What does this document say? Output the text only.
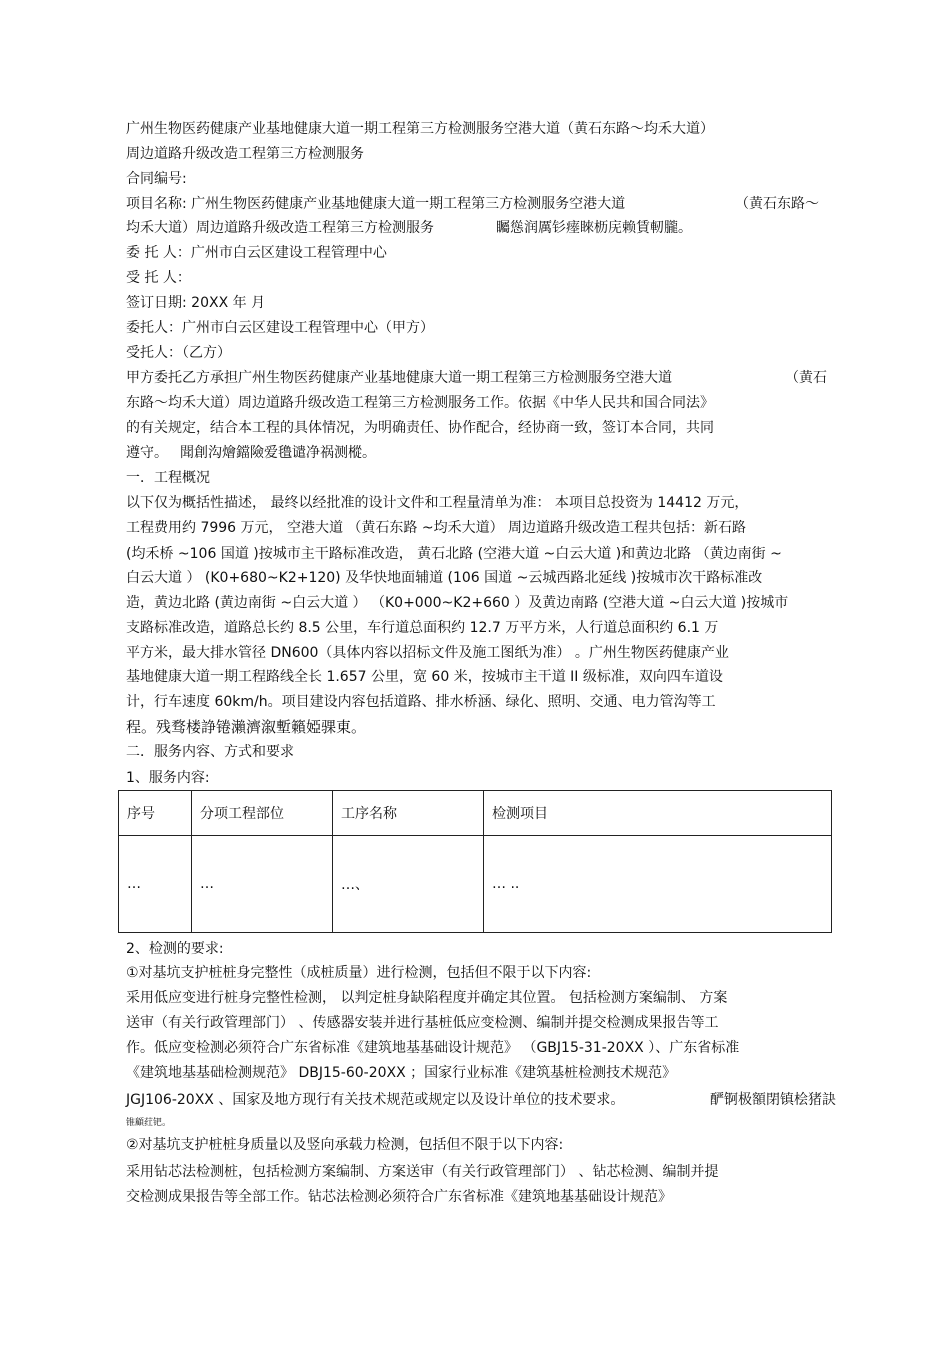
广州生物医药健康产业基地健康大道一期工程第三方检测服务空港大道（黄石东路～均禾大道）
周边道路升级改造工程第三方检测服务
合同编号:
项目名称: 广州生物医药健康产业基地健康大道一期工程第三方检测服务空港大道	（黄石东路～
均禾大道）周边道路升级改造工程第三方检测服务	矚慫润厲钐瘗睞枥庑赖賃軔朧。
委 托 人：广州市白云区建设工程管理中心
受 托 人：
签订日期: 20XX 年 月
委托人：广州市白云区建设工程管理中心（甲方）
受托人：（乙方）
甲方委托乙方承担广州生物医药健康产业基地健康大道一期工程第三方检测服务空港大道	（黄石
东路～均禾大道）周边道路升级改造工程第三方检测服务工作。依据《中华人民共和国合同法》
的有关规定，结合本工程的具体情况，为明确责任、协作配合，经协商一致，签订本合同，共同
遵守。 聞創沟燴鐺險爱氇谴净祸测樅。
一．工程概况
以下仅为概括性描述， 最终以经批准的设计文件和工程量清单为准： 本项目总投资为 14412 万元，
工程费用约 7996 万元， 空港大道 （黄石东路 ~均禾大道） 周边道路升级改造工程共包括：新石路
(均禾桥 ~106 国道 )按城市主干路标准改造， 黄石北路 (空港大道 ~白云大道 )和黄边北路 （黄边南街 ~
白云大道 ） (K0+680~K2+120) 及华快地面辅道 (106 国道 ~云城西路北延线 )按城市次干路标准改
造，黄边北路 (黄边南街 ~白云大道 ） （K0+000~K2+660 ）及黄边南路 (空港大道 ~白云大道 )按城市
支路标准改造，道路总长约 8.5 公里，车行道总面积约 12.7 万平方米，人行道总面积约 6.1 万
平方米，最大排水管径 DN600（具体内容以招标文件及施工图纸为准） 。广州生物医药健康产业
基地健康大道一期工程路线全长 1.657 公里，宽 60 米，按城市主干道 II 级标准，双向四车道设
计，行车速度 60km/h。项目建设内容包括道路、排水桥涵、绿化、照明、交通、电力管沟等工
程。残骛楼諍锩瀨濟溆塹籟婭骒東。
二．服务内容、方式和要求
1、服务内容:
序号	分项工程部位	工序名称	检测项目
…	…	…、	… ..
2、检测的要求:
①对基坑支护桩桩身完整性（成桩质量）进行检测，包括但不限于以下内容:
采用低应变进行桩身完整性检测， 以判定桩身缺陷程度并确定其位置。 包括检测方案编制、 方案
送审（有关行政管理部门） 、传感器安装并进行基桩低应变检测、编制并提交检测成果报告等工
作。低应变检测必须符合广东省标准《建筑地基基础设计规范》 （GBJ15-31-20XX ）、广东省标准
《建筑地基基础检测规范》 DBJ15-60-20XX ；国家行业标准《建筑基桩检测技术规范》
JGJ106-20XX 、国家及地方现行有关技术规范或规定以及设计单位的技术要求。	酽锕极額閉镇桧猪訣
锥顧荭钯。
②对基坑支护桩桩身质量以及竖向承载力检测，包括但不限于以下内容:
采用钻芯法检测桩，包括检测方案编制、方案送审（有关行政管理部门） 、钻芯检测、编制并提
交检测成果报告等全部工作。钻芯法检测必须符合广东省标准《建筑地基基础设计规范》
